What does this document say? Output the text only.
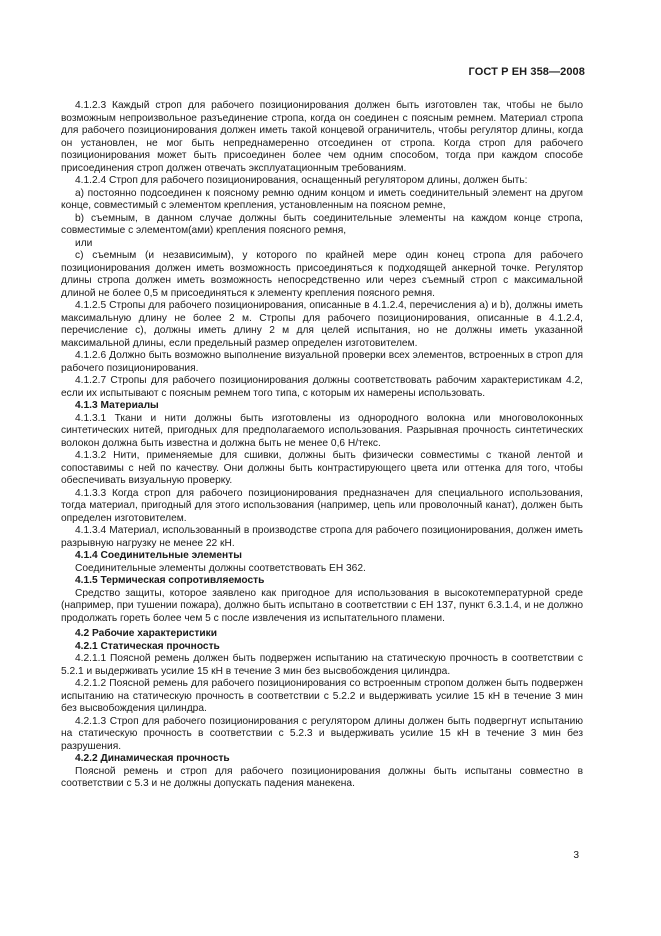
ГОСТ Р ЕН 358—2008

4.1.2.3 Каждый строп для рабочего позиционирования должен быть изготовлен так, чтобы не было возможным непроизвольное разъединение стропа, когда он соединен с поясным ремнем. Материал стропа для рабочего позиционирования должен иметь такой концевой ограничитель, чтобы регулятор длины, когда он установлен, не мог быть непреднамеренно отсоединен от стропа. Когда строп для рабочего позиционирования может быть присоединен более чем одним способом, тогда при каждом способе присоединения строп должен отвечать эксплуатационным требованиям.

4.1.2.4 Строп для рабочего позиционирования, оснащенный регулятором длины, должен быть:

a) постоянно подсоединен к поясному ремню одним концом и иметь соединительный элемент на другом конце, совместимый с элементом крепления, установленным на поясном ремне,

b) съемным, в данном случае должны быть соединительные элементы на каждом конце стропа, совместимые с элементом(ами) крепления поясного ремня,

или

c) съемным (и независимым), у которого по крайней мере один конец стропа для рабочего позиционирования должен иметь возможность присоединяться к подходящей анкерной точке. Регулятор длины стропа должен иметь возможность непосредственно или через съемный строп с максимальной длиной не более 0,5 м присоединяться к элементу крепления поясного ремня.

4.1.2.5 Стропы для рабочего позиционирования, описанные в 4.1.2.4, перечисления a) и b), должны иметь максимальную длину не более 2 м. Стропы для рабочего позиционирования, описанные в 4.1.2.4, перечисление c), должны иметь длину 2 м для целей испытания, но не должны иметь указанной максимальной длины, если предельный размер определен изготовителем.

4.1.2.6 Должно быть возможно выполнение визуальной проверки всех элементов, встроенных в строп для рабочего позиционирования.

4.1.2.7 Стропы для рабочего позиционирования должны соответствовать рабочим характеристикам 4.2, если их испытывают с поясным ремнем того типа, с которым их намерены использовать.

4.1.3 Материалы

4.1.3.1 Ткани и нити должны быть изготовлены из однородного волокна или многоволоконных синтетических нитей, пригодных для предполагаемого использования. Разрывная прочность синтетических волокон должна быть известна и должна быть не менее 0,6 Н/текс.

4.1.3.2 Нити, применяемые для сшивки, должны быть физически совместимы с тканой лентой и сопоставимы с ней по качеству. Они должны быть контрастирующего цвета или оттенка для того, чтобы обеспечивать визуальную проверку.

4.1.3.3 Когда строп для рабочего позиционирования предназначен для специального использования, тогда материал, пригодный для этого использования (например, цепь или проволочный канат), должен быть определен изготовителем.

4.1.3.4 Материал, использованный в производстве стропа для рабочего позиционирования, должен иметь разрывную нагрузку не менее 22 кН.

4.1.4 Соединительные элементы

Соединительные элементы должны соответствовать ЕН 362.

4.1.5 Термическая сопротивляемость

Средство защиты, которое заявлено как пригодное для использования в высокотемпературной среде (например, при тушении пожара), должно быть испытано в соответствии с ЕН 137, пункт 6.3.1.4, и не должно продолжать гореть более чем 5 с после извлечения из испытательного пламени.

4.2 Рабочие характеристики

4.2.1 Статическая прочность

4.2.1.1 Поясной ремень должен быть подвержен испытанию на статическую прочность в соответствии с 5.2.1 и выдерживать усилие 15 кН в течение 3 мин без высвобождения цилиндра.

4.2.1.2 Поясной ремень для рабочего позиционирования со встроенным стропом должен быть подвержен испытанию на статическую прочность в соответствии с 5.2.2 и выдерживать усилие 15 кН в течение 3 мин без высвобождения цилиндра.

4.2.1.3 Строп для рабочего позиционирования с регулятором длины должен быть подвергнут испытанию на статическую прочность в соответствии с 5.2.3 и выдерживать усилие 15 кН в течение 3 мин без разрушения.

4.2.2 Динамическая прочность

Поясной ремень и строп для рабочего позиционирования должны быть испытаны совместно в соответствии с 5.3 и не должны допускать падения манекена.

3
